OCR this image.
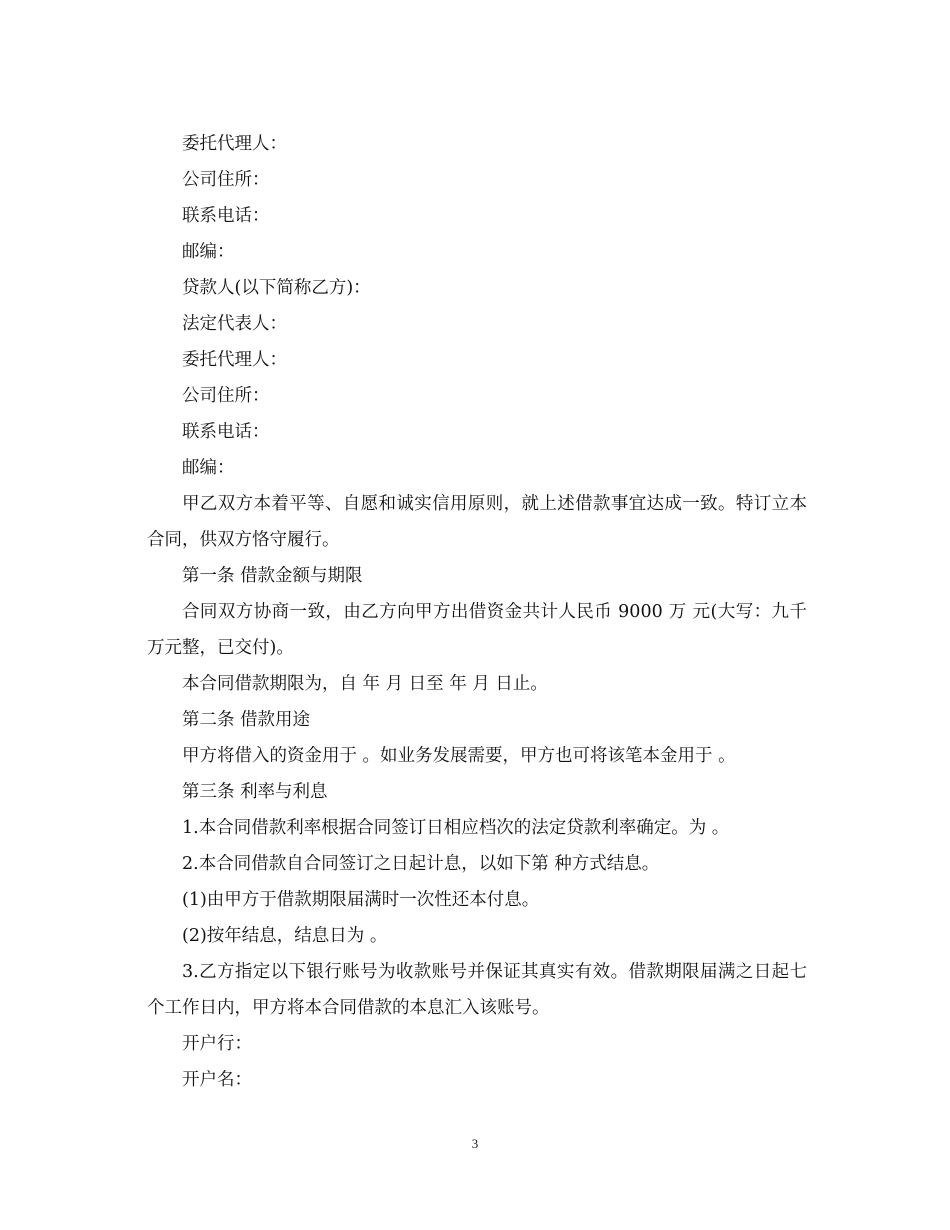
委托代理人：

公司住所：

联系电话：

邮编：

贷款人(以下简称乙方)：

法定代表人：

委托代理人：

公司住所：

联系电话：

邮编：

甲乙双方本着平等、自愿和诚实信用原则，就上述借款事宜达成一致。特订立本合同，供双方恪守履行。

第一条 借款金额与期限

合同双方协商一致，由乙方向甲方出借资金共计人民币 9000 万 元(大写：九千万元整，已交付)。

本合同借款期限为，自 年 月 日至 年 月 日止。

第二条 借款用途

甲方将借入的资金用于 。如业务发展需要，甲方也可将该笔本金用于 。

第三条 利率与利息

1.本合同借款利率根据合同签订日相应档次的法定贷款利率确定。为 。

2.本合同借款自合同签订之日起计息，以如下第 种方式结息。

(1)由甲方于借款期限届满时一次性还本付息。

(2)按年结息，结息日为 。

3.乙方指定以下银行账号为收款账号并保证其真实有效。借款期限届满之日起七个工作日内，甲方将本合同借款的本息汇入该账号。

开户行：

开户名：

3
